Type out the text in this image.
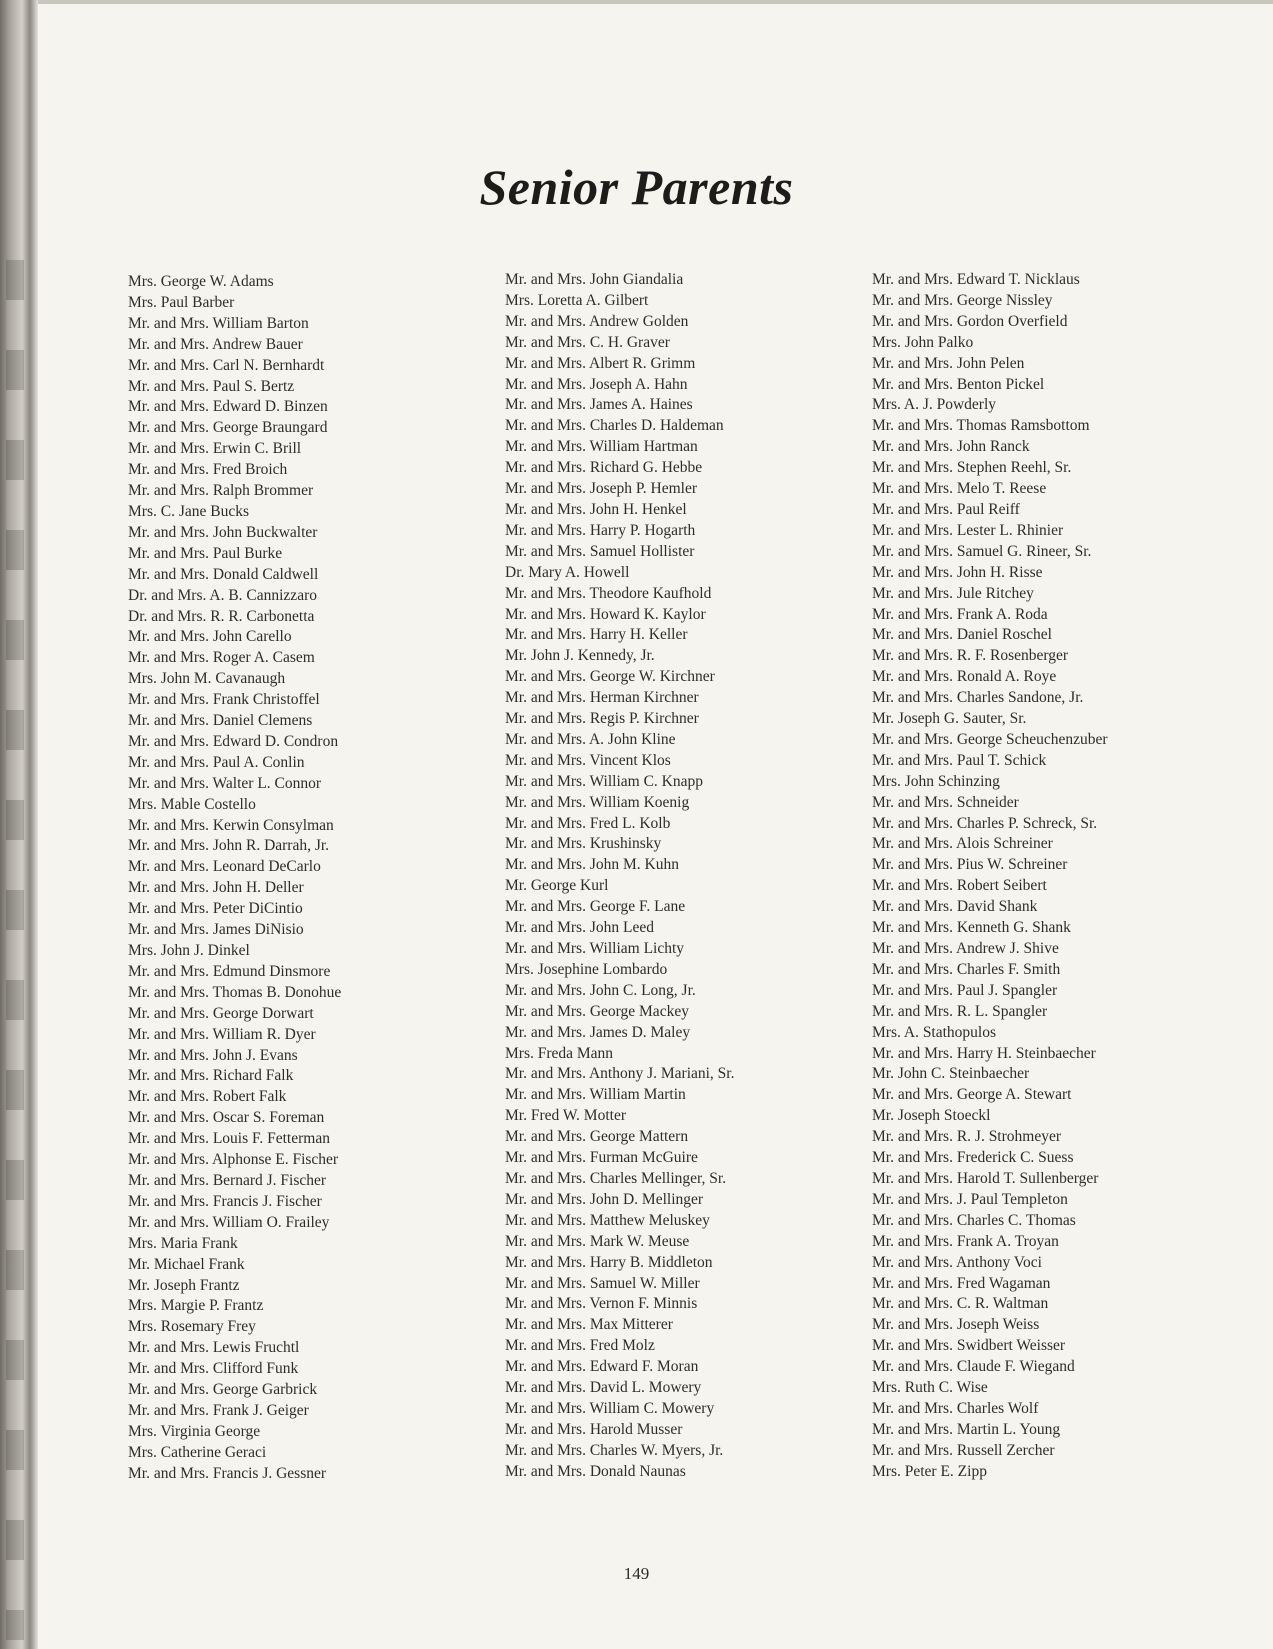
Senior Parents
Mrs. George W. Adams
Mrs. Paul Barber
Mr. and Mrs. William Barton
Mr. and Mrs. Andrew Bauer
Mr. and Mrs. Carl N. Bernhardt
Mr. and Mrs. Paul S. Bertz
Mr. and Mrs. Edward D. Binzen
Mr. and Mrs. George Braungard
Mr. and Mrs. Erwin C. Brill
Mr. and Mrs. Fred Broich
Mr. and Mrs. Ralph Brommer
Mrs. C. Jane Bucks
Mr. and Mrs. John Buckwalter
Mr. and Mrs. Paul Burke
Mr. and Mrs. Donald Caldwell
Dr. and Mrs. A. B. Cannizzaro
Dr. and Mrs. R. R. Carbonetta
Mr. and Mrs. John Carello
Mr. and Mrs. Roger A. Casem
Mrs. John M. Cavanaugh
Mr. and Mrs. Frank Christoffel
Mr. and Mrs. Daniel Clemens
Mr. and Mrs. Edward D. Condron
Mr. and Mrs. Paul A. Conlin
Mr. and Mrs. Walter L. Connor
Mrs. Mable Costello
Mr. and Mrs. Kerwin Consylman
Mr. and Mrs. John R. Darrah, Jr.
Mr. and Mrs. Leonard DeCarlo
Mr. and Mrs. John H. Deller
Mr. and Mrs. Peter DiCintio
Mr. and Mrs. James DiNisio
Mrs. John J. Dinkel
Mr. and Mrs. Edmund Dinsmore
Mr. and Mrs. Thomas B. Donohue
Mr. and Mrs. George Dorwart
Mr. and Mrs. William R. Dyer
Mr. and Mrs. John J. Evans
Mr. and Mrs. Richard Falk
Mr. and Mrs. Robert Falk
Mr. and Mrs. Oscar S. Foreman
Mr. and Mrs. Louis F. Fetterman
Mr. and Mrs. Alphonse E. Fischer
Mr. and Mrs. Bernard J. Fischer
Mr. and Mrs. Francis J. Fischer
Mr. and Mrs. William O. Frailey
Mrs. Maria Frank
Mr. Michael Frank
Mr. Joseph Frantz
Mrs. Margie P. Frantz
Mrs. Rosemary Frey
Mr. and Mrs. Lewis Fruchtl
Mr. and Mrs. Clifford Funk
Mr. and Mrs. George Garbrick
Mr. and Mrs. Frank J. Geiger
Mrs. Virginia George
Mrs. Catherine Geraci
Mr. and Mrs. Francis J. Gessner
Mr. and Mrs. John Giandalia
Mrs. Loretta A. Gilbert
Mr. and Mrs. Andrew Golden
Mr. and Mrs. C. H. Graver
Mr. and Mrs. Albert R. Grimm
Mr. and Mrs. Joseph A. Hahn
Mr. and Mrs. James A. Haines
Mr. and Mrs. Charles D. Haldeman
Mr. and Mrs. William Hartman
Mr. and Mrs. Richard G. Hebbe
Mr. and Mrs. Joseph P. Hemler
Mr. and Mrs. John H. Henkel
Mr. and Mrs. Harry P. Hogarth
Mr. and Mrs. Samuel Hollister
Dr. Mary A. Howell
Mr. and Mrs. Theodore Kaufhold
Mr. and Mrs. Howard K. Kaylor
Mr. and Mrs. Harry H. Keller
Mr. John J. Kennedy, Jr.
Mr. and Mrs. George W. Kirchner
Mr. and Mrs. Herman Kirchner
Mr. and Mrs. Regis P. Kirchner
Mr. and Mrs. A. John Kline
Mr. and Mrs. Vincent Klos
Mr. and Mrs. William C. Knapp
Mr. and Mrs. William Koenig
Mr. and Mrs. Fred L. Kolb
Mr. and Mrs. Krushinsky
Mr. and Mrs. John M. Kuhn
Mr. George Kurl
Mr. and Mrs. George F. Lane
Mr. and Mrs. John Leed
Mr. and Mrs. William Lichty
Mrs. Josephine Lombardo
Mr. and Mrs. John C. Long, Jr.
Mr. and Mrs. George Mackey
Mr. and Mrs. James D. Maley
Mrs. Freda Mann
Mr. and Mrs. Anthony J. Mariani, Sr.
Mr. and Mrs. William Martin
Mr. Fred W. Motter
Mr. and Mrs. George Mattern
Mr. and Mrs. Furman McGuire
Mr. and Mrs. Charles Mellinger, Sr.
Mr. and Mrs. John D. Mellinger
Mr. and Mrs. Matthew Meluskey
Mr. and Mrs. Mark W. Meuse
Mr. and Mrs. Harry B. Middleton
Mr. and Mrs. Samuel W. Miller
Mr. and Mrs. Vernon F. Minnis
Mr. and Mrs. Max Mitterer
Mr. and Mrs. Fred Molz
Mr. and Mrs. Edward F. Moran
Mr. and Mrs. David L. Mowery
Mr. and Mrs. William C. Mowery
Mr. and Mrs. Harold Musser
Mr. and Mrs. Charles W. Myers, Jr.
Mr. and Mrs. Donald Naunas
Mr. and Mrs. Edward T. Nicklaus
Mr. and Mrs. George Nissley
Mr. and Mrs. Gordon Overfield
Mrs. John Palko
Mr. and Mrs. John Pelen
Mr. and Mrs. Benton Pickel
Mrs. A. J. Powderly
Mr. and Mrs. Thomas Ramsbottom
Mr. and Mrs. John Ranck
Mr. and Mrs. Stephen Reehl, Sr.
Mr. and Mrs. Melo T. Reese
Mr. and Mrs. Paul Reiff
Mr. and Mrs. Lester L. Rhinier
Mr. and Mrs. Samuel G. Rineer, Sr.
Mr. and Mrs. John H. Risse
Mr. and Mrs. Jule Ritchey
Mr. and Mrs. Frank A. Roda
Mr. and Mrs. Daniel Roschel
Mr. and Mrs. R. F. Rosenberger
Mr. and Mrs. Ronald A. Roye
Mr. and Mrs. Charles Sandone, Jr.
Mr. Joseph G. Sauter, Sr.
Mr. and Mrs. George Scheuchenzuber
Mr. and Mrs. Paul T. Schick
Mrs. John Schinzing
Mr. and Mrs. Schneider
Mr. and Mrs. Charles P. Schreck, Sr.
Mr. and Mrs. Alois Schreiner
Mr. and Mrs. Pius W. Schreiner
Mr. and Mrs. Robert Seibert
Mr. and Mrs. David Shank
Mr. and Mrs. Kenneth G. Shank
Mr. and Mrs. Andrew J. Shive
Mr. and Mrs. Charles F. Smith
Mr. and Mrs. Paul J. Spangler
Mr. and Mrs. R. L. Spangler
Mrs. A. Stathopulos
Mr. and Mrs. Harry H. Steinbaecher
Mr. John C. Steinbaecher
Mr. and Mrs. George A. Stewart
Mr. Joseph Stoeckl
Mr. and Mrs. R. J. Strohmeyer
Mr. and Mrs. Frederick C. Suess
Mr. and Mrs. Harold T. Sullenberger
Mr. and Mrs. J. Paul Templeton
Mr. and Mrs. Charles C. Thomas
Mr. and Mrs. Frank A. Troyan
Mr. and Mrs. Anthony Voci
Mr. and Mrs. Fred Wagaman
Mr. and Mrs. C. R. Waltman
Mr. and Mrs. Joseph Weiss
Mr. and Mrs. Swidbert Weisser
Mr. and Mrs. Claude F. Wiegand
Mrs. Ruth C. Wise
Mr. and Mrs. Charles Wolf
Mr. and Mrs. Martin L. Young
Mr. and Mrs. Russell Zercher
Mrs. Peter E. Zipp
149
